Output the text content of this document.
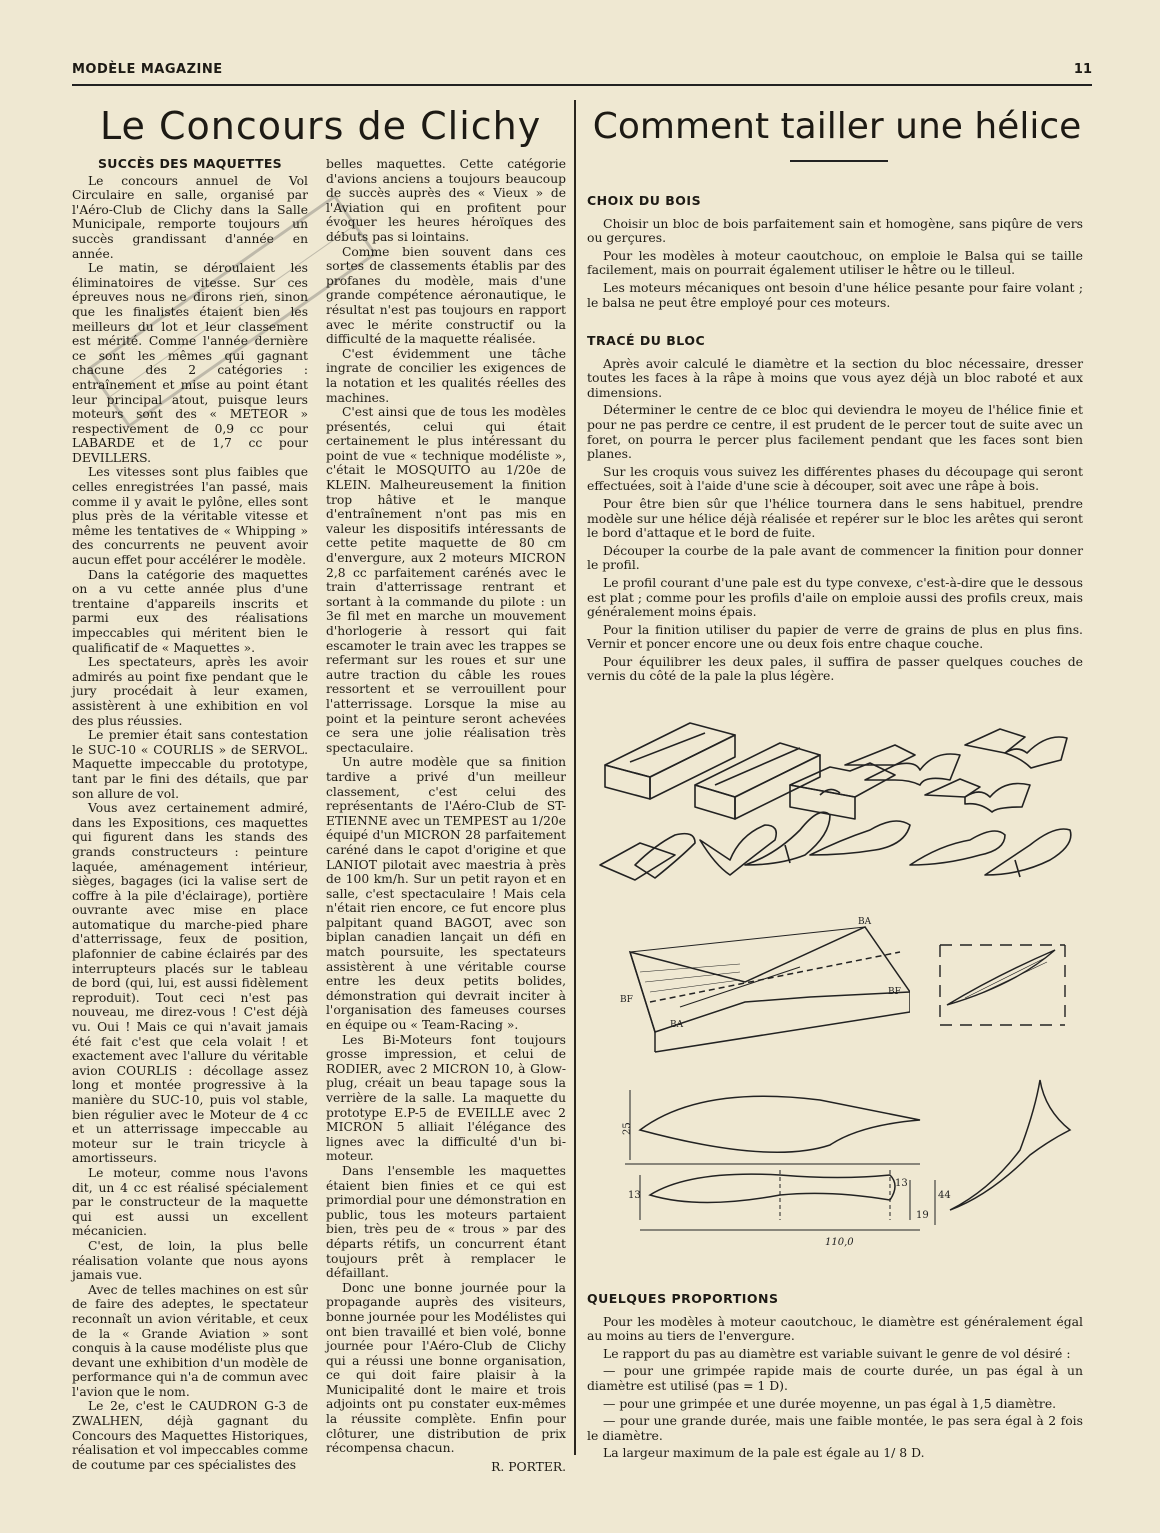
MODÈLE MAGAZINE	11
Le Concours de Clichy Comment tailler une hélice
SUCCÈS DES MAQUETTES

Le concours annuel de Vol Circulaire en salle, organisé par l'Aéro-Club de Clichy dans la Salle Municipale, remporte toujours un succès grandissant d'année en année.

Le matin, se déroulaient les éliminatoires de vitesse. Sur ces épreuves nous ne dirons rien, sinon que les finalistes étaient bien les meilleurs du lot et leur classement est mérité. Comme l'année dernière ce sont les mêmes qui gagnant chacune des 2 catégories : entraînement et mise au point étant leur principal atout, puisque leurs moteurs sont des « METEOR » respectivement de 0,9 cc pour LABARDE et de 1,7 cc pour DEVILLERS.

Les vitesses sont plus faibles que celles enregistrées l'an passé, mais comme il y avait le pylône, elles sont plus près de la véritable vitesse et même les tentatives de « Whipping » des concurrents ne peuvent avoir aucun effet pour accélérer le modèle.

Dans la catégorie des maquettes on a vu cette année plus d'une trentaine d'appareils inscrits et parmi eux des réalisations impeccables qui méritent bien le qualificatif de « Maquettes ».

Les spectateurs, après les avoir admirés au point fixe pendant que le jury procédait à leur examen, assistèrent à une exhibition en vol des plus réussies.

Le premier était sans contestation le SUC-10 « COURLIS » de SERVOL. Maquette impeccable du prototype, tant par le fini des détails, que par son allure de vol.

Vous avez certainement admiré, dans les Expositions, ces maquettes qui figurent dans les stands des grands constructeurs : peinture laquée, aménagement intérieur, sièges, bagages (ici la valise sert de coffre à la pile d'éclairage), portière ouvrante avec mise en place automatique du marche-pied phare d'atterrissage, feux de position, plafonnier de cabine éclairés par des interrupteurs placés sur le tableau de bord (qui, lui, est aussi fidèlement reproduit). Tout ceci n'est pas nouveau, me direz-vous ! C'est déjà vu. Oui ! Mais ce qui n'avait jamais été fait c'est que cela volait ! et exactement avec l'allure du véritable avion COURLIS : décollage assez long et montée progressive à la manière du SUC-10, puis vol stable, bien régulier avec le Moteur de 4 cc et un atterrissage impeccable au moteur sur le train tricycle à amortisseurs.

Le moteur, comme nous l'avons dit, un 4 cc est réalisé spécialement par le constructeur de la maquette qui est aussi un excellent mécanicien.

C'est, de loin, la plus belle réalisation volante que nous ayons jamais vue.

Avec de telles machines on est sûr de faire des adeptes, le spectateur reconnaît un avion véritable, et ceux de la « Grande Aviation » sont conquis à la cause modéliste plus que devant une exhibition d'un modèle de performance qui n'a de commun avec l'avion que le nom.

Le 2e, c'est le CAUDRON G-3 de ZWALHEN, déjà gagnant du Concours des Maquettes Historiques, réalisation et vol impeccables comme de coutume par ces spécialistes des

belles maquettes. Cette catégorie d'avions anciens a toujours beaucoup de succès auprès des « Vieux » de l'Aviation qui en profitent pour évoquer les heures héroïques des débuts pas si lointains.

Comme bien souvent dans ces sortes de classements établis par des profanes du modèle, mais d'une grande compétence aéronautique, le résultat n'est pas toujours en rapport avec le mérite constructif ou la difficulté de la maquette réalisée.

C'est évidemment une tâche ingrate de concilier les exigences de la notation et les qualités réelles des machines.

C'est ainsi que de tous les modèles présentés, celui qui était certainement le plus intéressant du point de vue « technique modéliste », c'était le MOSQUITO au 1/20e de KLEIN. Malheureusement la finition trop hâtive et le manque d'entraînement n'ont pas mis en valeur les dispositifs intéressants de cette petite maquette de 80 cm d'envergure, aux 2 moteurs MICRON 2,8 cc parfaitement carénés avec le train d'atterrissage rentrant et sortant à la commande du pilote : un 3e fil met en marche un mouvement d'horlogerie à ressort qui fait escamoter le train avec les trappes se refermant sur les roues et sur une autre traction du câble les roues ressortent et se verrouillent pour l'atterrissage. Lorsque la mise au point et la peinture seront achevées ce sera une jolie réalisation très spectaculaire.

Un autre modèle que sa finition tardive a privé d'un meilleur classement, c'est celui des représentants de l'Aéro-Club de ST-ETIENNE avec un TEMPEST au 1/20e équipé d'un MICRON 28 parfaitement caréné dans le capot d'origine et que LANIOT pilotait avec maestria à près de 100 km/h. Sur un petit rayon et en salle, c'est spectaculaire ! Mais cela n'était rien encore, ce fut encore plus palpitant quand BAGOT, avec son biplan canadien lançait un défi en match poursuite, les spectateurs assistèrent à une véritable course entre les deux petits bolides, démonstration qui devrait inciter à l'organisation des fameuses courses en équipe ou « Team-Racing ».

Les Bi-Moteurs font toujours grosse impression, et celui de RODIER, avec 2 MICRON 10, à Glow-plug, créait un beau tapage sous la verrière de la salle. La maquette du prototype E.P-5 de EVEILLE avec 2 MICRON 5 alliait l'élégance des lignes avec la difficulté d'un bi-moteur.

Dans l'ensemble les maquettes étaient bien finies et ce qui est primordial pour une démonstration en public, tous les moteurs partaient bien, très peu de « trous » par des départs rétifs, un concurrent étant toujours prêt à remplacer le défaillant.

Donc une bonne journée pour la propagande auprès des visiteurs, bonne journée pour les Modélistes qui ont bien travaillé et bien volé, bonne journée pour l'Aéro-Club de Clichy qui a réussi une bonne organisation, ce qui doit faire plaisir à la Municipalité dont le maire et trois adjoints ont pu constater eux-mêmes la réussite complète. Enfin pour clôturer, une distribution de prix récompensa chacun.

R. PORTER.

CHOIX DU BOIS

Choisir un bloc de bois parfaitement sain et homogène, sans piqûre de vers ou gerçures.

Pour les modèles à moteur caoutchouc, on emploie le Balsa qui se taille facilement, mais on pourrait également utiliser le hêtre ou le tilleul.

Les moteurs mécaniques ont besoin d'une hélice pesante pour faire volant ; le balsa ne peut être employé pour ces moteurs.

TRACÉ DU BLOC

Après avoir calculé le diamètre et la section du bloc nécessaire, dresser toutes les faces à la râpe à moins que vous ayez déjà un bloc raboté et aux dimensions.

Déterminer le centre de ce bloc qui deviendra le moyeu de l'hélice finie et pour ne pas perdre ce centre, il est prudent de le percer tout de suite avec un foret, on pourra le percer plus facilement pendant que les faces sont bien planes.

Sur les croquis vous suivez les différentes phases du découpage qui seront effectuées, soit à l'aide d'une scie à découper, soit avec une râpe à bois.

Pour être bien sûr que l'hélice tournera dans le sens habituel, prendre modèle sur une hélice déjà réalisée et repérer sur le bloc les arêtes qui seront le bord d'attaque et le bord de fuite.

Découper la courbe de la pale avant de commencer la finition pour donner le profil.

Le profil courant d'une pale est du type convexe, c'est-à-dire que le dessous est plat ; comme pour les profils d'aile on emploie aussi des profils creux, mais généralement moins épais.

Pour la finition utiliser du papier de verre de grains de plus en plus fins. Vernir et poncer encore une ou deux fois entre chaque couche.

Pour équilibrer les deux pales, il suffira de passer quelques couches de vernis du côté de la pale la plus légère.

BA
BF
BF
BA
25
13
13
19
44
110,0
QUELQUES PROPORTIONS

Pour les modèles à moteur caoutchouc, le diamètre est généralement égal au moins au tiers de l'envergure.

Le rapport du pas au diamètre est variable suivant le genre de vol désiré :

— pour une grimpée rapide mais de courte durée, un pas égal à un diamètre est utilisé (pas = 1 D).

— pour une grimpée et une durée moyenne, un pas égal à 1,5 diamètre.

— pour une grande durée, mais une faible montée, le pas sera égal à 2 fois le diamètre.

La largeur maximum de la pale est égale au 1/ 8 D.
